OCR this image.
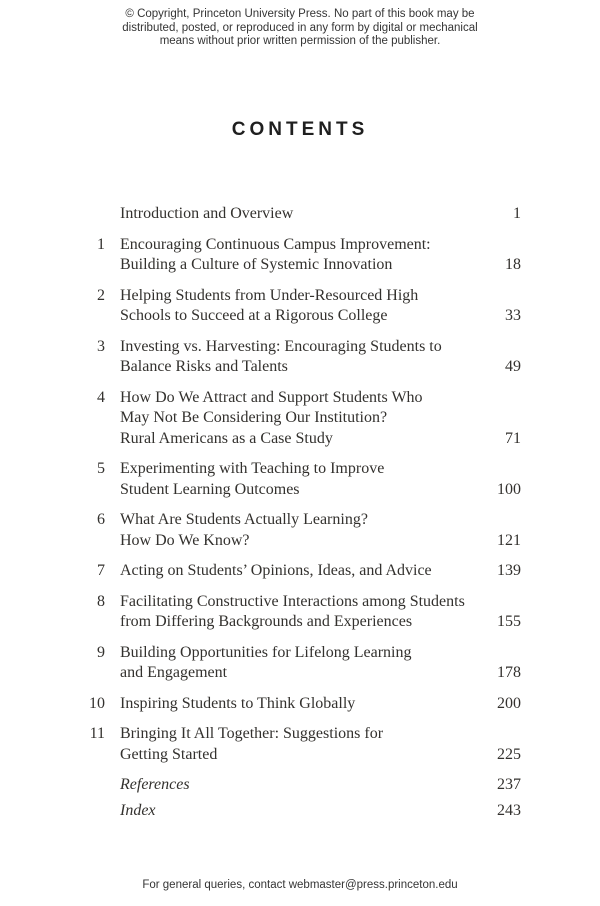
© Copyright, Princeton University Press. No part of this book may be
distributed, posted, or reproduced in any form by digital or mechanical
means without prior written permission of the publisher.
CONTENTS
Introduction and Overview	1
1 Encouraging Continuous Campus Improvement:
Building a Culture of Systemic Innovation	18
2 Helping Students from Under-Resourced High
Schools to Succeed at a Rigorous College	33
3 Investing vs. Harvesting: Encouraging Students to
Balance Risks and Talents	49
4 How Do We Attract and Support Students Who
May Not Be Considering Our Institution?
Rural Americans as a Case Study	71
5 Experimenting with Teaching to Improve
Student Learning Outcomes	100
6 What Are Students Actually Learning?
How Do We Know?	121
7 Acting on Students’ Opinions, Ideas, and Advice	139
8 Facilitating Constructive Interactions among Students
from Differing Backgrounds and Experiences	155
9 Building Opportunities for Lifelong Learning
and Engagement	178
10 Inspiring Students to Think Globally	200
11 Bringing It All Together: Suggestions for
Getting Started	225
References	237
Index	243
For general queries, contact webmaster@press.princeton.edu
